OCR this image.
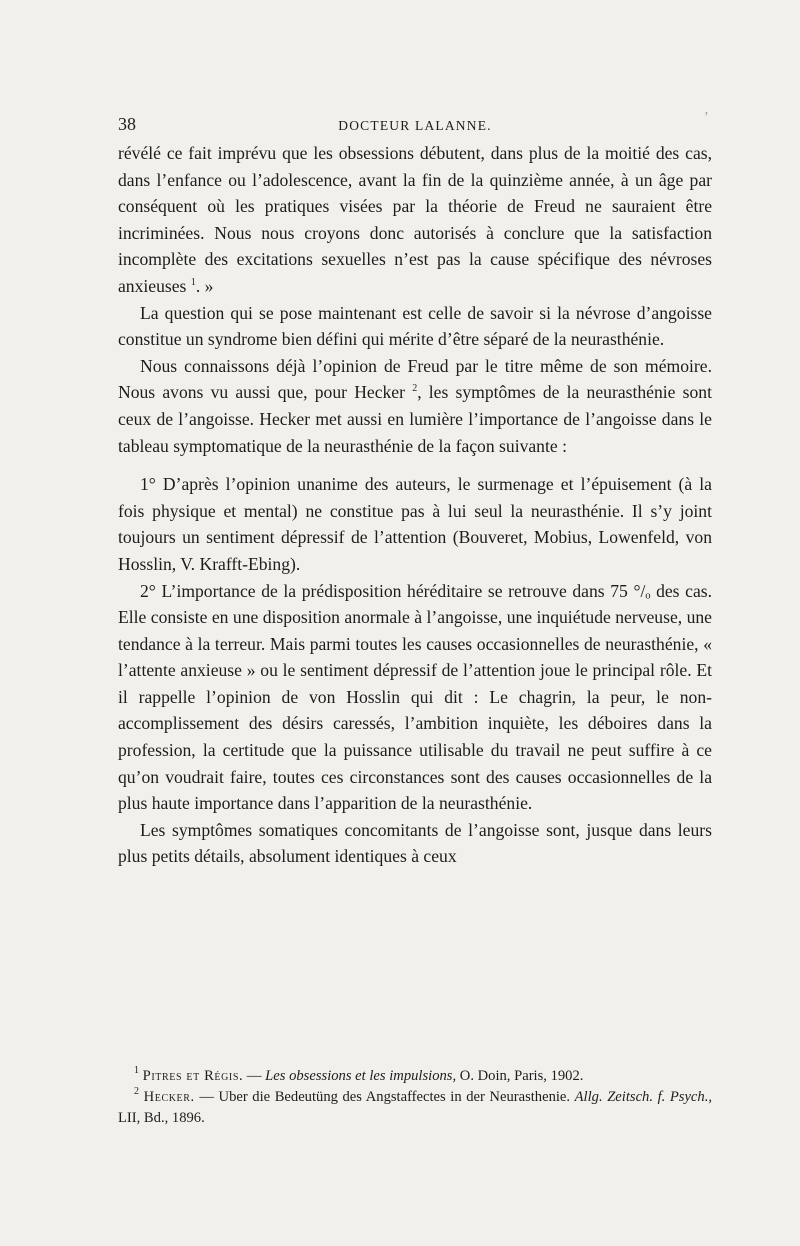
ʼ
38	DOCTEUR LALANNE.

révélé ce fait imprévu que les obsessions débutent, dans plus de la moitié des cas, dans l’enfance ou l’adolescence, avant la fin de la quinzième année, à un âge par conséquent où les pratiques visées par la théorie de Freud ne sauraient être incriminées. Nous nous croyons donc autorisés à conclure que la satisfaction incomplète des excitations sexuelles n’est pas la cause spécifique des névroses anxieuses $^1$. »

La question qui se pose maintenant est celle de savoir si la névrose d’angoisse constitue un syndrome bien défini qui mérite d’être séparé de la neurasthénie.

Nous connaissons déjà l’opinion de Freud par le titre même de son mémoire. Nous avons vu aussi que, pour Hecker $^2$, les symptômes de la neurasthénie sont ceux de l’angoisse. Hecker met aussi en lumière l’importance de l’angoisse dans le tableau symptomatique de la neurasthénie de la façon suivante :

1° D’après l’opinion unanime des auteurs, le surmenage et l’épuisement (à la fois physique et mental) ne constitue pas à lui seul la neurasthénie. Il s’y joint toujours un sentiment dépressif de l’attention (Bouveret, Mobius, Lowenfeld, von Hosslin, V. Krafft-Ebing).

2° L’importance de la prédisposition héréditaire se retrouve dans 75 °/ₒ des cas. Elle consiste en une disposition anormale à l’angoisse, une inquiétude nerveuse, une tendance à la terreur. Mais parmi toutes les causes occasionnelles de neurasthénie, « l’attente anxieuse » ou le sentiment dépressif de l’attention joue le principal rôle. Et il rappelle l’opinion de von Hosslin qui dit : Le chagrin, la peur, le non-accomplissement des désirs caressés, l’ambition inquiète, les déboires dans la profession, la certitude que la puissance utilisable du travail ne peut suffire à ce qu’on voudrait faire, toutes ces circonstances sont des causes occasionnelles de la plus haute importance dans l’apparition de la neurasthénie.

Les symptômes somatiques concomitants de l’angoisse sont, jusque dans leurs plus petits détails, absolument identiques à ceux

$^1$ Pitres et Régis. — Les obsessions et les impulsions, O. Doin, Paris, 1902.

$^2$ Hecker. — Uber die Bedeutüng des Angstaffectes in der Neurasthenie. Allg. Zeitsch. f. Psych., LII, Bd., 1896.
